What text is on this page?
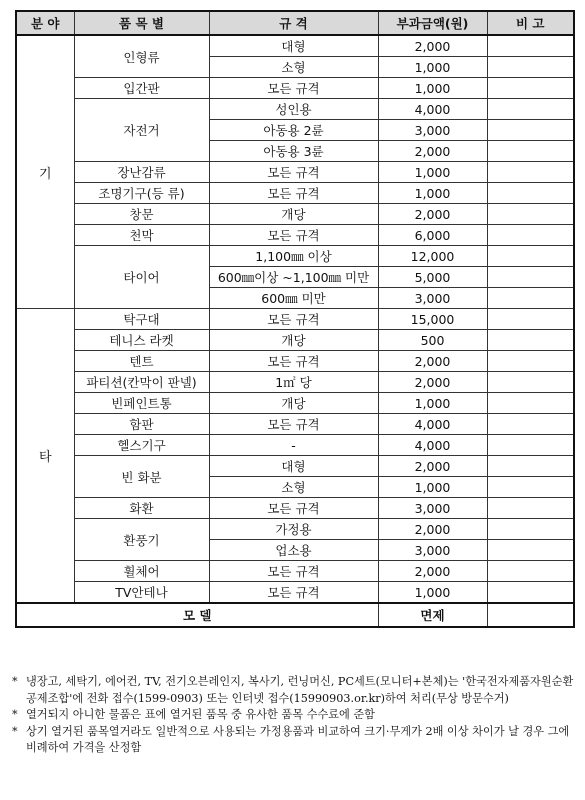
분 야	품 목 별	규 격	부과금액(원)	비 고
기	인형류	대형	2,000	
		소형	1,000	
	입간판	모든 규격	1,000	
	자전거	성인용	4,000	
		아동용 2륜	3,000	
		아동용 3륜	2,000	
	장난감류	모든 규격	1,000	
	조명기구(등 류)	모든 규격	1,000	
	창문	개당	2,000	
	천막	모든 규격	6,000	
	타이어	1,100㎜ 이상	12,000	
		600㎜이상 ~1,100㎜ 미만	5,000	
		600㎜ 미만	3,000	
타	탁구대	모든 규격	15,000	
	테니스 라켓	개당	500	
	텐트	모든 규격	2,000	
	파티션(칸막이 판넬)	1㎡ 당	2,000	
	빈페인트통	개당	1,000	
	함판	모든 규격	4,000	
	헬스기구	-	4,000	
	빈 화분	대형	2,000	
		소형	1,000	
	화환	모든 규격	3,000	
	환풍기	가정용	2,000	
		업소용	3,000	
	휠체어	모든 규격	2,000	
	TV안테나	모든 규격	1,000	
모 델			면제	

* 냉장고, 세탁기, 에어컨, TV, 전기오븐레인지, 복사기, 런닝머신, PC세트(모니터+본체)는 '한국전자제품자원순환공제조합'에 전화 접수(1599-0903) 또는 인터넷 접수(15990903.or.kr)하여 처리(무상 방문수거)

* 열거되지 아니한 물품은 표에 열거된 품목 중 유사한 품목 수수료에 준함

* 상기 열거된 품목열거라도 일반적으로 사용되는 가정용품과 비교하여 크기·무게가 2배 이상 차이가 날 경우 그에 비례하여 가격을 산정함
